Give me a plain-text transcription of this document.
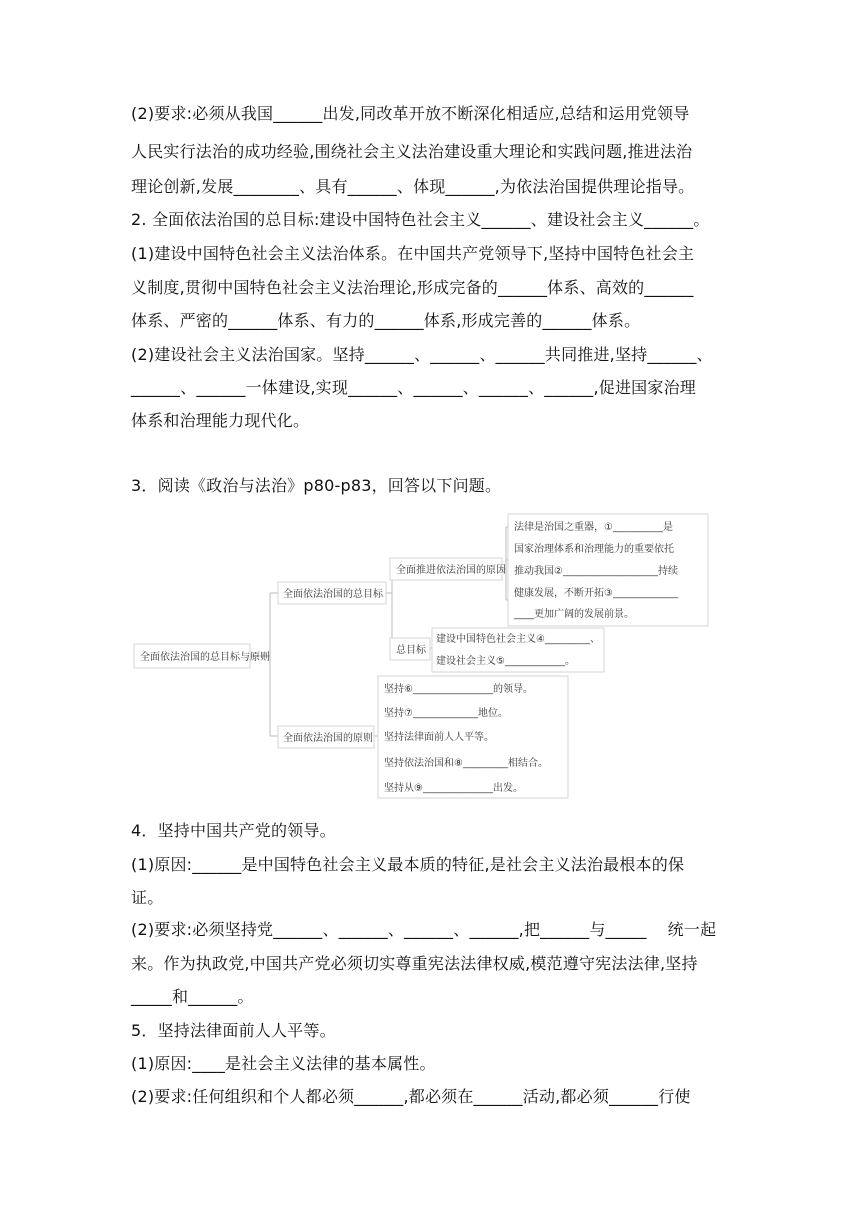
(2)要求:必须从我国______出发,同改革开放不断深化相适应,总结和运用党领导
人民实行法治的成功经验,围绕社会主义法治建设重大理论和实践问题,推进法治
理论创新,发展________、具有______、体现______,为依法治国提供理论指导。
2. 全面依法治国的总目标:建设中国特色社会主义______、建设社会主义______。
(1)建设中国特色社会主义法治体系。在中国共产党领导下,坚持中国特色社会主
义制度,贯彻中国特色社会主义法治理论,形成完备的______体系、高效的______
体系、严密的______体系、有力的______体系,形成完善的______体系。
(2)建设社会主义法治国家。坚持______、______、______共同推进,坚持______、
______、______一体建设,实现______、______、______、______,促进国家治理
体系和治理能力现代化。
3．阅读《政治与法治》p80-p83，回答以下问题。
全面依法治国的总目标与原则
全面依法治国的总目标
全面推进依法治国的原因
总目标
全面依法治国的原则
法律是治国之重器，①__________是
国家治理体系和治理能力的重要依托
推动我国②___________________持续
健康发展，不断开拓③_____________
____更加广阔的发展前景。
建设中国特色社会主义④_________、
建设社会主义⑤____________。
坚持⑥________________的领导。
坚持⑦_____________地位。
坚持法律面前人人平等。
坚持依法治国和⑧_________相结合。
坚持从⑨______________出发。
4．坚持中国共产党的领导。
(1)原因:______是中国特色社会主义最本质的特征,是社会主义法治最根本的保
证。
(2)要求:必须坚持党______、______、______、______,把______与_____    统一起
来。作为执政党,中国共产党必须切实尊重宪法法律权威,模范遵守宪法法律,坚持
_____和______。
5．坚持法律面前人人平等。
(1)原因:____是社会主义法律的基本属性。
(2)要求:任何组织和个人都必须______,都必须在______活动,都必须______行使
